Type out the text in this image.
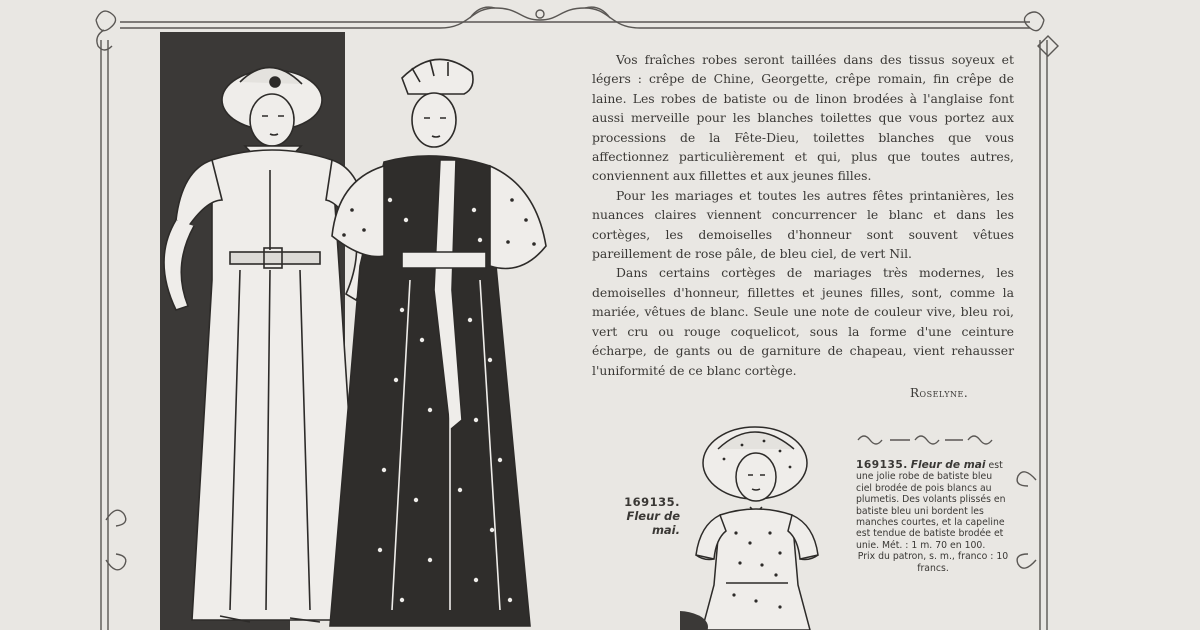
Vos fraîches robes seront taillées dans des tissus soyeux et légers : crêpe de Chine, Georgette, crêpe romain, fin crêpe de laine. Les robes de batiste ou de linon brodées à l'anglaise font aussi merveille pour les blanches toilettes que vous portez aux processions de la Fête-Dieu, toilettes blanches que vous affectionnez particulièrement et qui, plus que toutes autres, conviennent aux fillettes et aux jeunes filles.

Pour les mariages et toutes les autres fêtes printanières, les nuances claires viennent concurrencer le blanc et dans les cortèges, les demoiselles d'honneur sont souvent vêtues pareillement de rose pâle, de bleu ciel, de vert Nil.

Dans certains cortèges de mariages très modernes, les demoiselles d'honneur, fillettes et jeunes filles, sont, comme la mariée, vêtues de blanc. Seule une note de couleur vive, bleu roi, vert cru ou rouge coquelicot, sous la forme d'une ceinture écharpe, de gants ou de garniture de chapeau, vient rehausser l'uniformité de ce blanc cortège.

Roselyne.
169135.
Fleur de mai.
169135. Fleur de mai est une jolie robe de batiste bleu ciel brodée de pois blancs au plumetis. Des volants plissés en batiste bleu uni bordent les manches courtes, et la capeline est tendue de batiste brodée et unie. Mét. : 1 m. 70 en 100.
Prix du patron, s. m., franco : 10 francs.
